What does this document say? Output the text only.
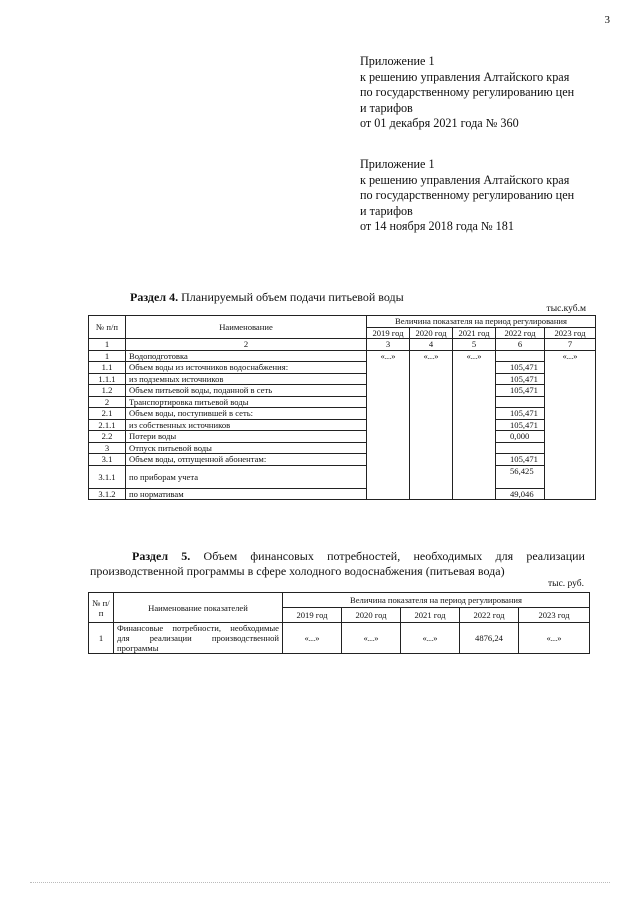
3
Приложение 1
к решению управления Алтайского края
по государственному регулированию цен
и тарифов
от 01 декабря 2021 года № 360
Приложение 1
к решению управления Алтайского края
по государственному регулированию цен
и тарифов
от 14 ноября 2018 года № 181
Раздел 4. Планируемый объем подачи питьевой воды
тыс.куб.м
№ п/п	Наименование	Величина показателя на период регулирования				
		2019 год	2020 год	2021 год	2022 год	2023 год
1	2	3	4	5	6	7
1	Водоподготовка	«...»	«...»	«...»		«...»
1.1	Объем воды из источников водоснабжения:				105,471	
1.1.1	из подземных источников				105,471	
1.2	Объем питьевой воды, поданной в сеть				105,471	
2	Транспортировка питьевой воды					
2.1	Объем воды, поступившей в сеть:				105,471	
2.1.1	из собственных источников				105,471	
2.2	Потери воды				0,000	
3	Отпуск питьевой воды					
3.1	Объем воды, отпущенной абонентам:				105,471	
3.1.1	по приборам учета				56,425	
3.1.2	по нормативам				49,046	
Раздел 5. Объем финансовых потребностей, необходимых для реализации
производственной программы в сфере холодного водоснабжения (питьевая вода)
тыс. руб.
№ п/п	Наименование показателей	Величина показателя на период регулирования				
		2019 год	2020 год	2021 год	2022 год	2023 год
1	Финансовые потребности, необходимые для реализации производственной программы	«...»	«...»	«...»	4876,24	«...»
